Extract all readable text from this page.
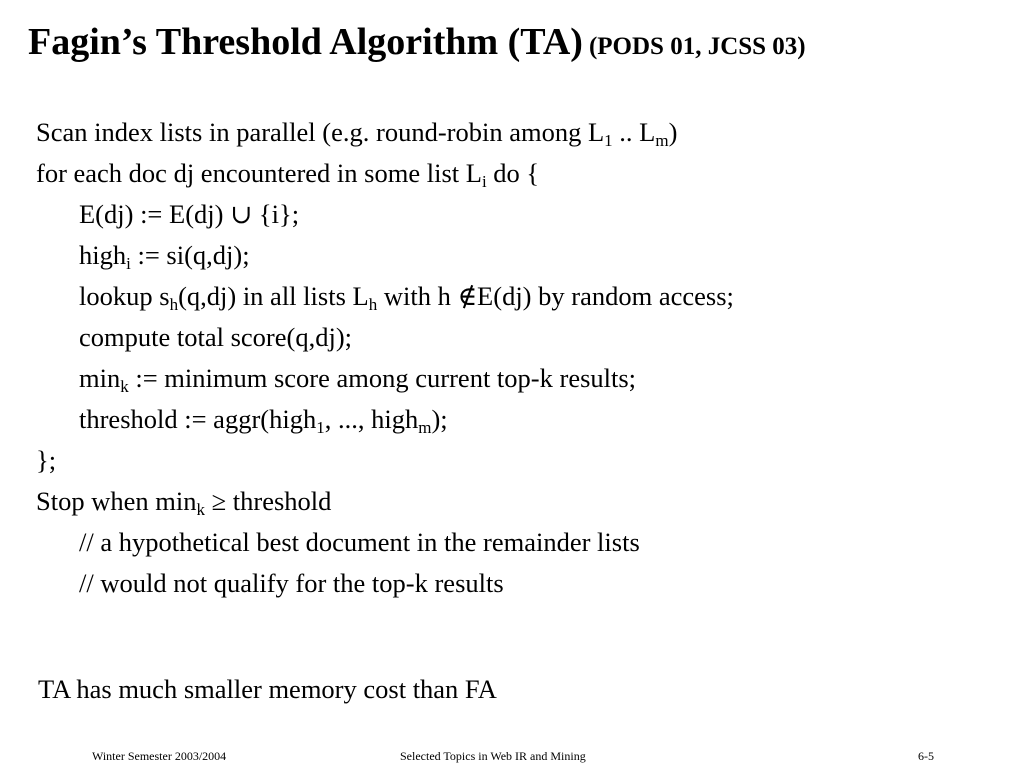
Fagin’s Threshold Algorithm (TA) (PODS 01, JCSS 03)
Scan index lists in parallel (e.g. round-robin among $L_1$ .. $L_m$)
for each doc dj encountered in some list $L_i$ do {
E(dj) := E(dj) ∪ {i};
high$_i$ := si(q,dj);
lookup $s_h(q,dj)$ in all lists $L_h$ with h ∉E(dj) by random access;
compute total score(q,dj);
$\min_k$ := minimum score among current top-k results;
threshold := aggr(high$_1$, ..., high$_m$);
};
Stop when $\min_k$ ≥ threshold
// a hypothetical best document in the remainder lists
// would not qualify for the top-k results
TA has much smaller memory cost than FA
Winter Semester 2003/2004	Selected Topics in Web IR and Mining	6-5
